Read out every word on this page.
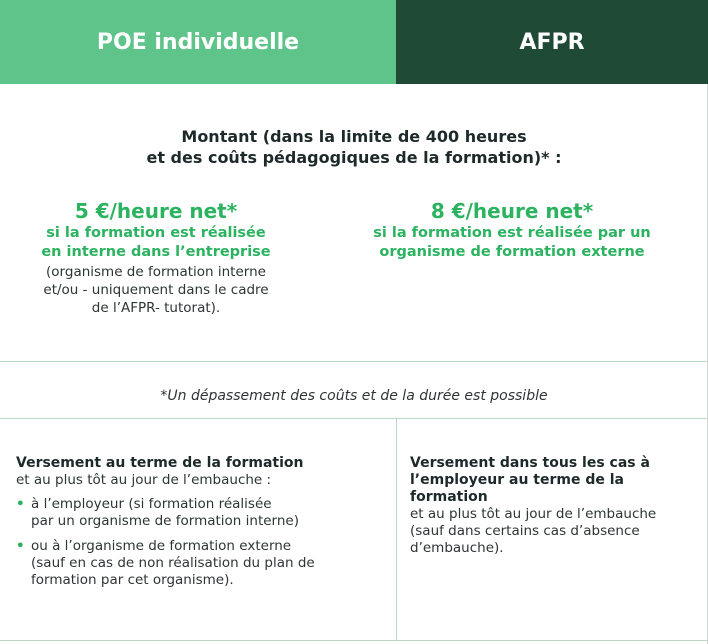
POE individuelle	AFPR
Montant (dans la limite de 400 heures
et des coûts pédagogiques de la formation)* :
5 €/heure net*
si la formation est réalisée
en interne dans l’entreprise
(organisme de formation interne
et/ou - uniquement dans le cadre
de l’AFPR- tutorat).
8 €/heure net*
si la formation est réalisée par un
organisme de formation externe
*Un dépassement des coûts et de la durée est possible
Versement au terme de la formation
et au plus tôt au jour de l’embauche :
• à l’employeur (si formation réalisée
par un organisme de formation interne)
• ou à l’organisme de formation externe
(sauf en cas de non réalisation du plan de
formation par cet organisme).
Versement dans tous les cas à
l’employeur au terme de la
formation
et au plus tôt au jour de l’embauche
(sauf dans certains cas d’absence
d’embauche).
